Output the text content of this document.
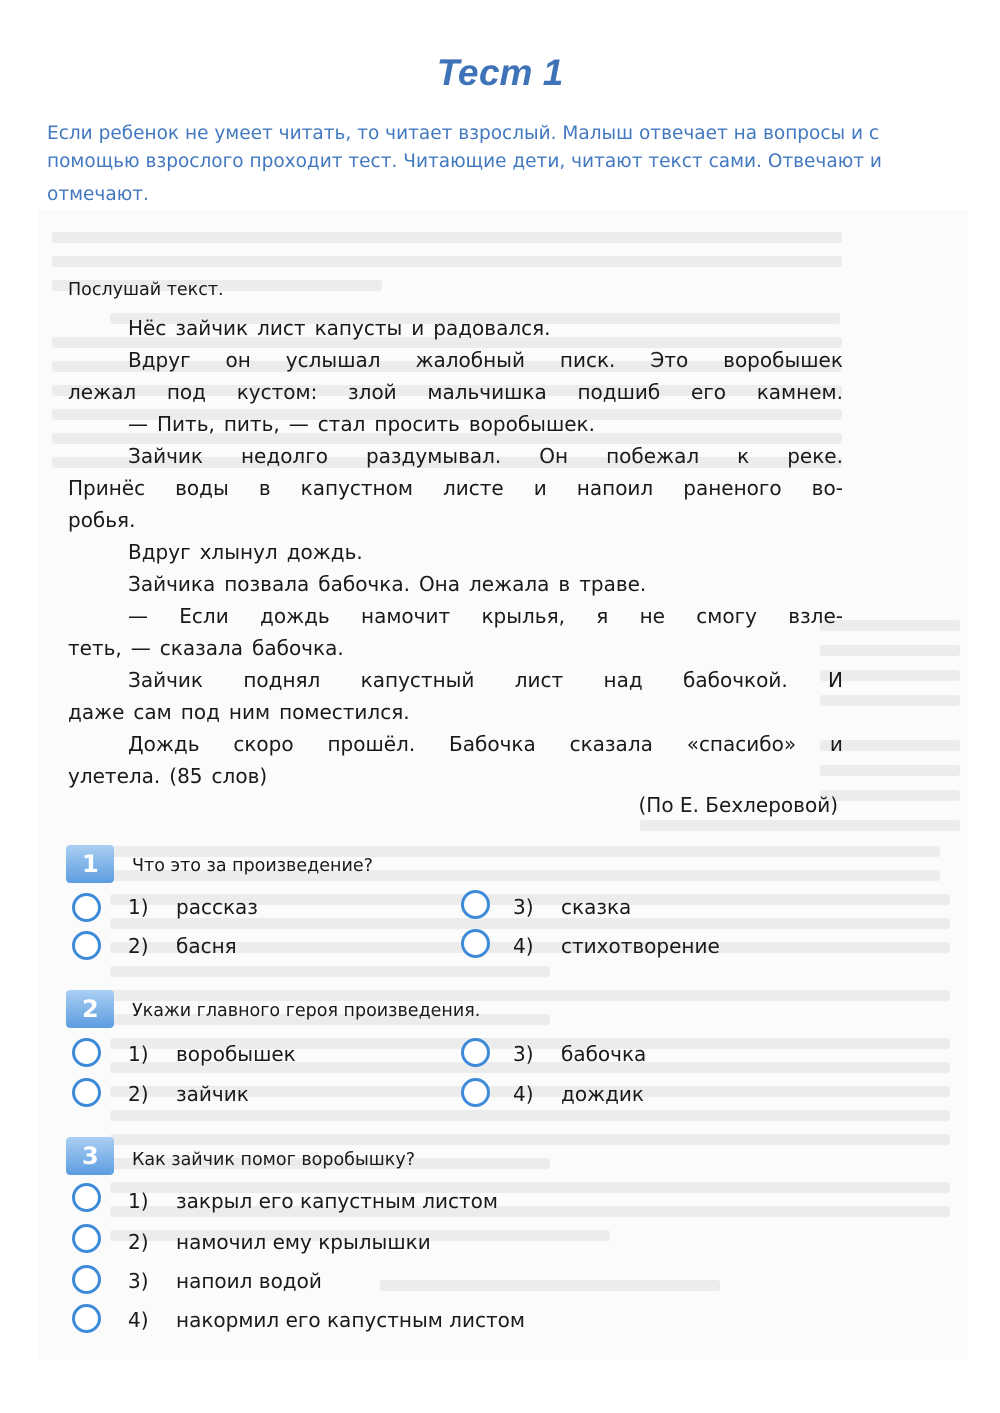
Тест 1
Если ребенок не умеет читать, то читает взрослый. Малыш отвечает на вопросы и с
помощью взрослого проходит тест. Читающие дети, читают текст сами. Отвечают и
отмечают.
Послушай текст.
Нёс зайчик лист капусты и радовался.
Вдруг он услышал жалобный писк. Это воробышек
лежал под кустом: злой мальчишка подшиб его камнем.
— Пить, пить, — стал просить воробышек.
Зайчик недолго раздумывал. Он побежал к реке.
Принёс воды в капустном листе и напоил раненого во-
робья.
Вдруг хлынул дождь.
Зайчика позвала бабочка. Она лежала в траве.
— Если дождь намочит крылья, я не смогу взле-
теть, — сказала бабочка.
Зайчик поднял капустный лист над бабочкой. И
даже сам под ним поместился.
Дождь скоро прошёл. Бабочка сказала «спасибо» и
улетела. (85 слов)
(По Е. Бехлеровой)
1	Что это за произведение?
1) рассказ
2) басня
3) сказка
4) стихотворение
2	Укажи главного героя произведения.
1) воробышек
2) зайчик
3) бабочка
4) дождик
3	Как зайчик помог воробышку?
1) закрыл его капустным листом
2) намочил ему крылышки
3) напоил водой
4) накормил его капустным листом
